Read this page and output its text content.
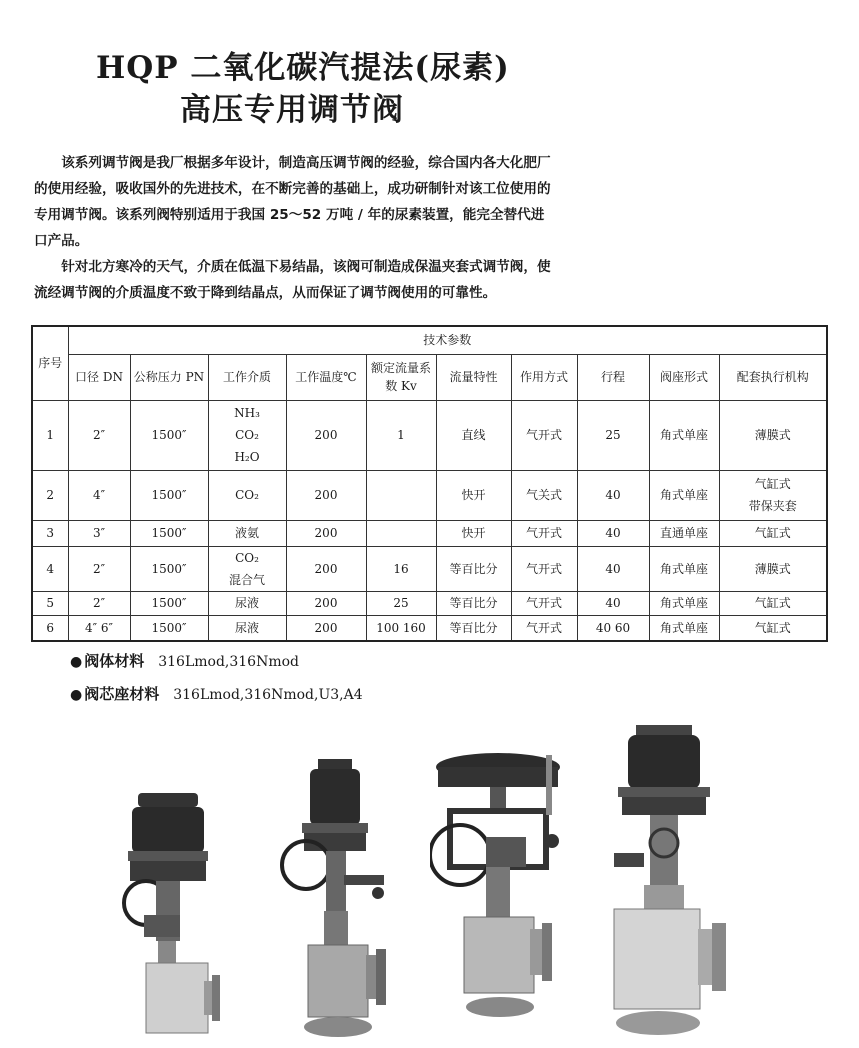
HQP 二氧化碳汽提法(尿素)
高压专用调节阀

该系列调节阀是我厂根据多年设计，制造高压调节阀的经验，综合国内各大化肥厂的使用经验，吸收国外的先进技术，在不断完善的基础上，成功研制针对该工位使用的专用调节阀。该系列阀特别适用于我国 25～52 万吨 / 年的尿素装置，能完全替代进口产品。

针对北方寒冷的天气，介质在低温下易结晶，该阀可制造成保温夹套式调节阀，使流经调节阀的介质温度不致于降到结晶点，从而保证了调节阀使用的可靠性。

序号	技术参数									
	口径 DN	公称压力 PN	工作介质	工作温度℃	额定流量系数 Kv	流量特性	作用方式	行程	阀座形式	配套执行机构
1	2″	1500″	NH₃
CO₂
H₂O	200	1	直线	气开式	25	角式单座	薄膜式

2	4″	1500″	CO₂	200		快开	气关式	40	角式单座	气缸式
带保夹套

3	3″	1500″	液氨	200		快开	气开式	40	直通单座	气缸式

4	2″	1500″	CO₂
混合气	200	16	等百比分	气开式	40	角式单座	薄膜式

5	2″	1500″	尿液	200	25	等百比分	气开式	40	角式单座	气缸式

6	4″ 6″	1500″	尿液	200	100 160	等百比分	气开式	40 60	角式单座	气缸式
● 阀体材料 316Lmod,316Nmod
● 阀芯座材料 316Lmod,316Nmod,U3,A4
